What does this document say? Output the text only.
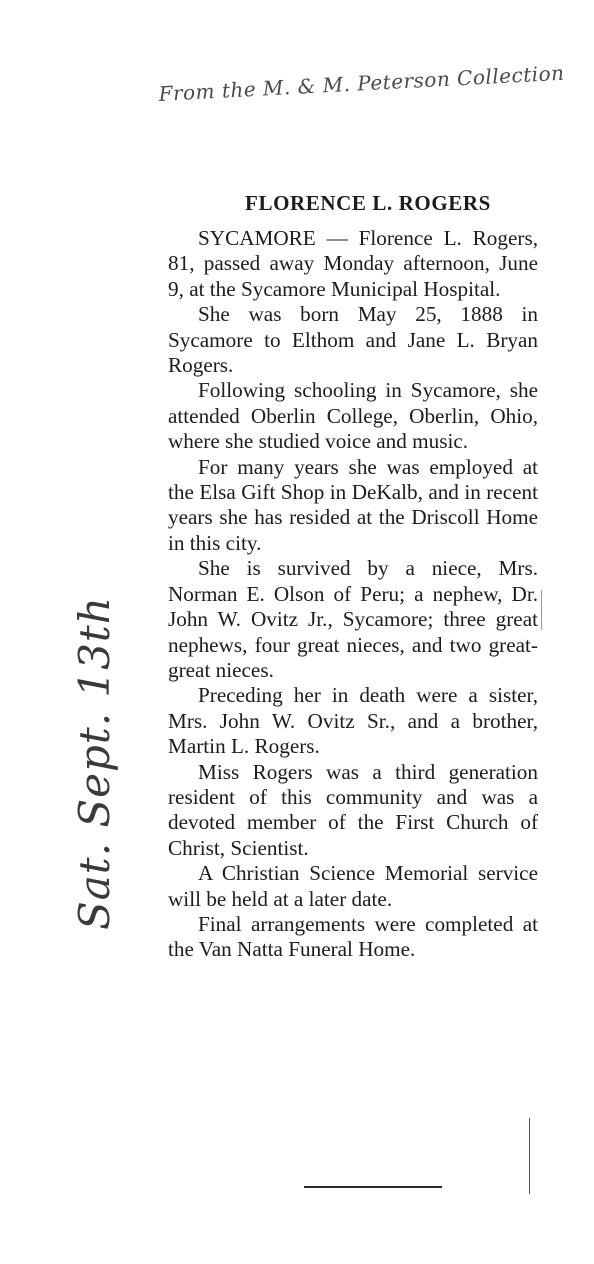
From the M. & M. Peterson Collection
Sat. Sept. 13th
FLORENCE L. ROGERS

SYCAMORE — Florence L. Rogers, 81, passed away Monday afternoon, June 9, at the Sycamore Municipal Hospital.

She was born May 25, 1888 in Sycamore to Elthom and Jane L. Bryan Rogers.

Following schooling in Sycamore, she attended Oberlin College, Oberlin, Ohio, where she studied voice and music.

For many years she was employed at the Elsa Gift Shop in DeKalb, and in recent years she has resided at the Driscoll Home in this city.

She is survived by a niece, Mrs. Norman E. Olson of Peru; a nephew, Dr. John W. Ovitz Jr., Sycamore; three great nephews, four great nieces, and two great-great nieces.

Preceding her in death were a sister, Mrs. John W. Ovitz Sr., and a brother, Martin L. Rogers.

Miss Rogers was a third generation resident of this community and was a devoted member of the First Church of Christ, Scientist.

A Christian Science Memorial service will be held at a later date.

Final arrangements were completed at the Van Natta Funeral Home.
